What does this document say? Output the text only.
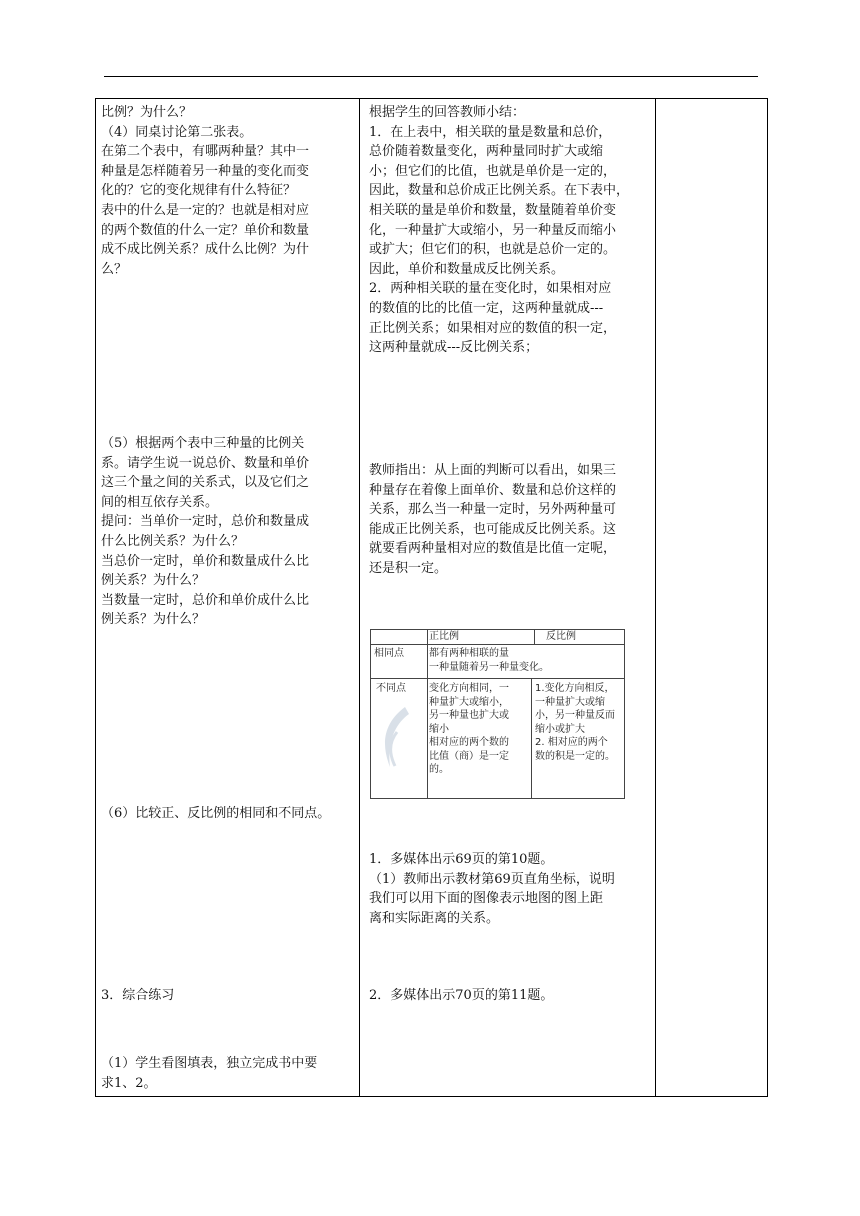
比例？为什么？
（4）同桌讨论第二张表。
在第二个表中，有哪两种量？其中一
种量是怎样随着另一种量的变化而变
化的？它的变化规律有什么特征？
表中的什么是一定的？也就是相对应
的两个数值的什么一定？单价和数量
成不成比例关系？成什么比例？为什
么？
（5）根据两个表中三种量的比例关
系。请学生说一说总价、数量和单价
这三个量之间的关系式，以及它们之
间的相互依存关系。
提问：当单价一定时，总价和数量成
什么比例关系？为什么？
当总价一定时，单价和数量成什么比
例关系？为什么？
当数量一定时，总价和单价成什么比
例关系？为什么？
（6）比较正、反比例的相同和不同点。
3．综合练习
（1）学生看图填表，独立完成书中要
求1、2。
根据学生的回答教师小结：
1．在上表中，相关联的量是数量和总价，
总价随着数量变化，两种量同时扩大或缩
小；但它们的比值，也就是单价是一定的，
因此，数量和总价成正比例关系。在下表中，
相关联的量是单价和数量，数量随着单价变
化，一种量扩大或缩小，另一种量反而缩小
或扩大；但它们的积，也就是总价一定的。
因此，单价和数量成反比例关系。
2．两种相关联的量在变化时，如果相对应
的数值的比的比值一定，这两种量就成---
正比例关系；如果相对应的数值的积一定，
这两种量就成---反比例关系；
教师指出：从上面的判断可以看出，如果三
种量存在着像上面单价、数量和总价这样的
关系，那么当一种量一定时，另外两种量可
能成正比例关系，也可能成反比例关系。这
就要看两种量相对应的数值是比值一定呢，
还是积一定。
正比例	反比例
相同点	都有两种相联的量
一种量随着另一种量变化。
不同点 变化方向相同，一
种量扩大或缩小，
另一种量也扩大或
缩小
相对应的两个数的
比值（商）是一定
的。
1.变化方向相反，
一种量扩大或缩
小，另一种量反而
缩小或扩大
2. 相对应的两个
数的积是一定的。
1．多媒体出示69页的第10题。
（1）教师出示教材第69页直角坐标，说明
我们可以用下面的图像表示地图的图上距
离和实际距离的关系。
2．多媒体出示70页的第11题。
